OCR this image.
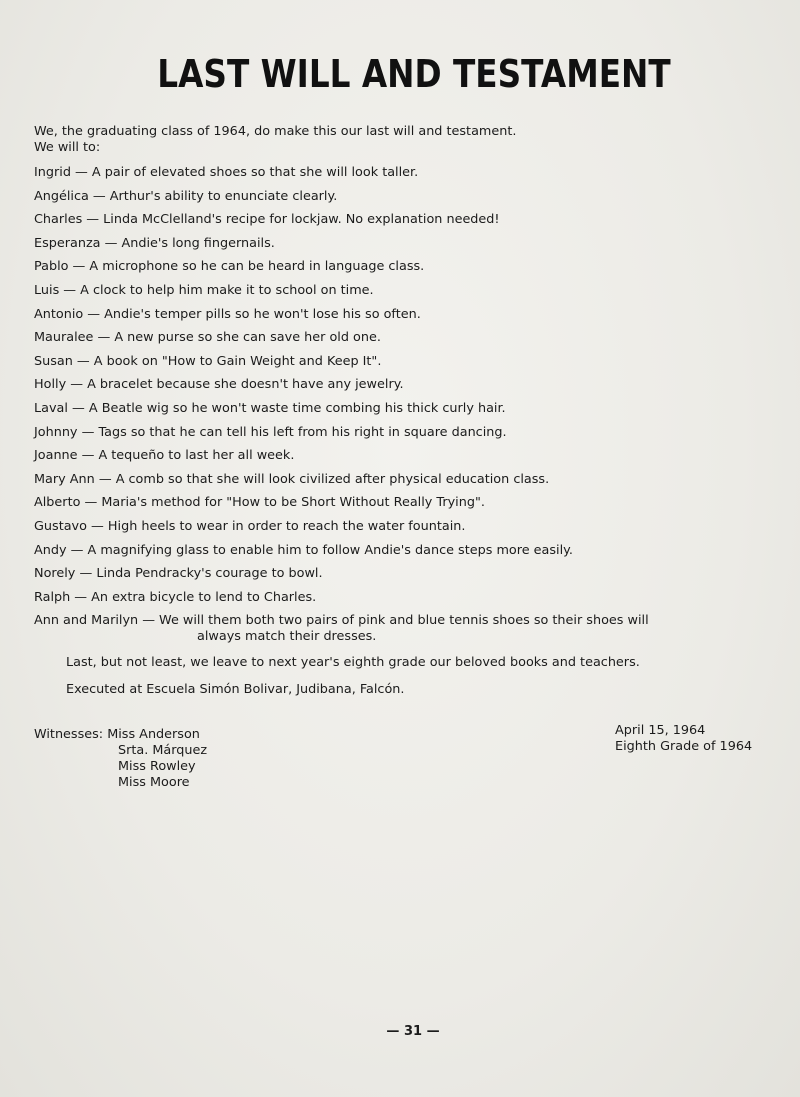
LAST WILL AND TESTAMENT
We, the graduating class of 1964, do make this our last will and testament.
We will to:
Ingrid — A pair of elevated shoes so that she will look taller.
Angélica — Arthur's ability to enunciate clearly.
Charles — Linda McClelland's recipe for lockjaw. No explanation needed!
Esperanza — Andie's long fingernails.
Pablo — A microphone so he can be heard in language class.
Luis — A clock to help him make it to school on time.
Antonio — Andie's temper pills so he won't lose his so often.
Mauralee — A new purse so she can save her old one.
Susan — A book on "How to Gain Weight and Keep It".
Holly — A bracelet because she doesn't have any jewelry.
Laval — A Beatle wig so he won't waste time combing his thick curly hair.
Johnny — Tags so that he can tell his left from his right in square dancing.
Joanne — A tequeño to last her all week.
Mary Ann — A comb so that she will look civilized after physical education class.
Alberto — Maria's method for "How to be Short Without Really Trying".
Gustavo — High heels to wear in order to reach the water fountain.
Andy — A magnifying glass to enable him to follow Andie's dance steps more easily.
Norely — Linda Pendracky's courage to bowl.
Ralph — An extra bicycle to lend to Charles.
Ann and Marilyn — We will them both two pairs of pink and blue tennis shoes so their shoes will
always match their dresses.
Last, but not least, we leave to next year's eighth grade our beloved books and teachers.
Executed at Escuela Simón Bolivar, Judibana, Falcón.
Witnesses: Miss Anderson
Srta. Márquez
Miss Rowley
Miss Moore
April 15, 1964
Eighth Grade of 1964
— 31 —
